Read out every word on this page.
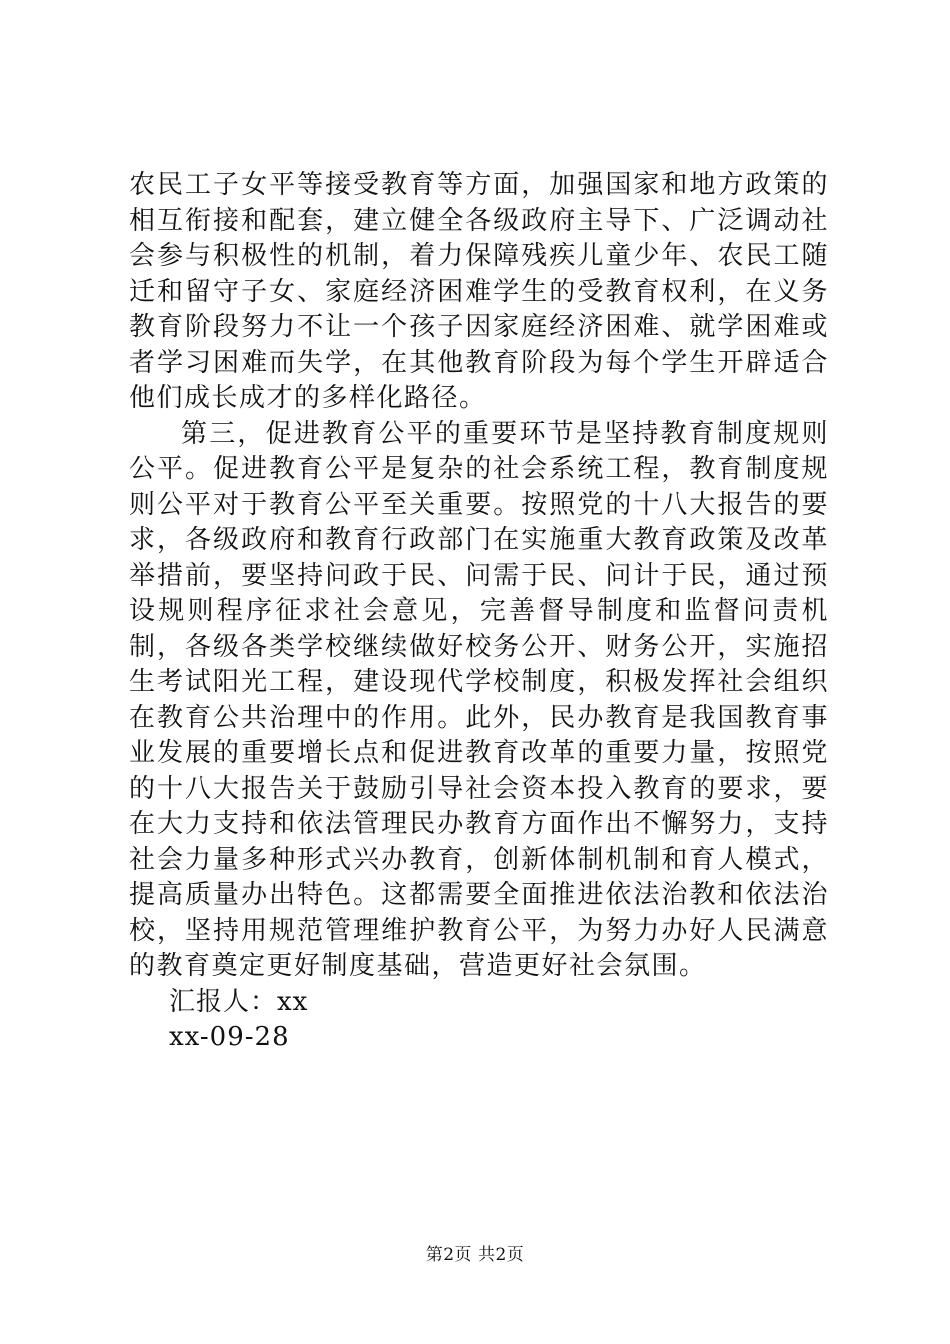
农民工子女平等接受教育等方面，加强国家和地方政策的相互衔接和配套，建立健全各级政府主导下、广泛调动社会参与积极性的机制，着力保障残疾儿童少年、农民工随迁和留守子女、家庭经济困难学生的受教育权利，在义务教育阶段努力不让一个孩子因家庭经济困难、就学困难或者学习困难而失学，在其他教育阶段为每个学生开辟适合他们成长成才的多样化路径。

第三，促进教育公平的重要环节是坚持教育制度规则公平。促进教育公平是复杂的社会系统工程，教育制度规则公平对于教育公平至关重要。按照党的十八大报告的要求，各级政府和教育行政部门在实施重大教育政策及改革举措前，要坚持问政于民、问需于民、问计于民，通过预设规则程序征求社会意见，完善督导制度和监督问责机制，各级各类学校继续做好校务公开、财务公开，实施招生考试阳光工程，建设现代学校制度，积极发挥社会组织在教育公共治理中的作用。此外，民办教育是我国教育事业发展的重要增长点和促进教育改革的重要力量，按照党的十八大报告关于鼓励引导社会资本投入教育的要求，要在大力支持和依法管理民办教育方面作出不懈努力，支持社会力量多种形式兴办教育，创新体制机制和育人模式，提高质量办出特色。这都需要全面推进依法治教和依法治校，坚持用规范管理维护教育公平，为努力办好人民满意的教育奠定更好制度基础，营造更好社会氛围。

汇报人：xx

xx-09-28

第2页 共2页
